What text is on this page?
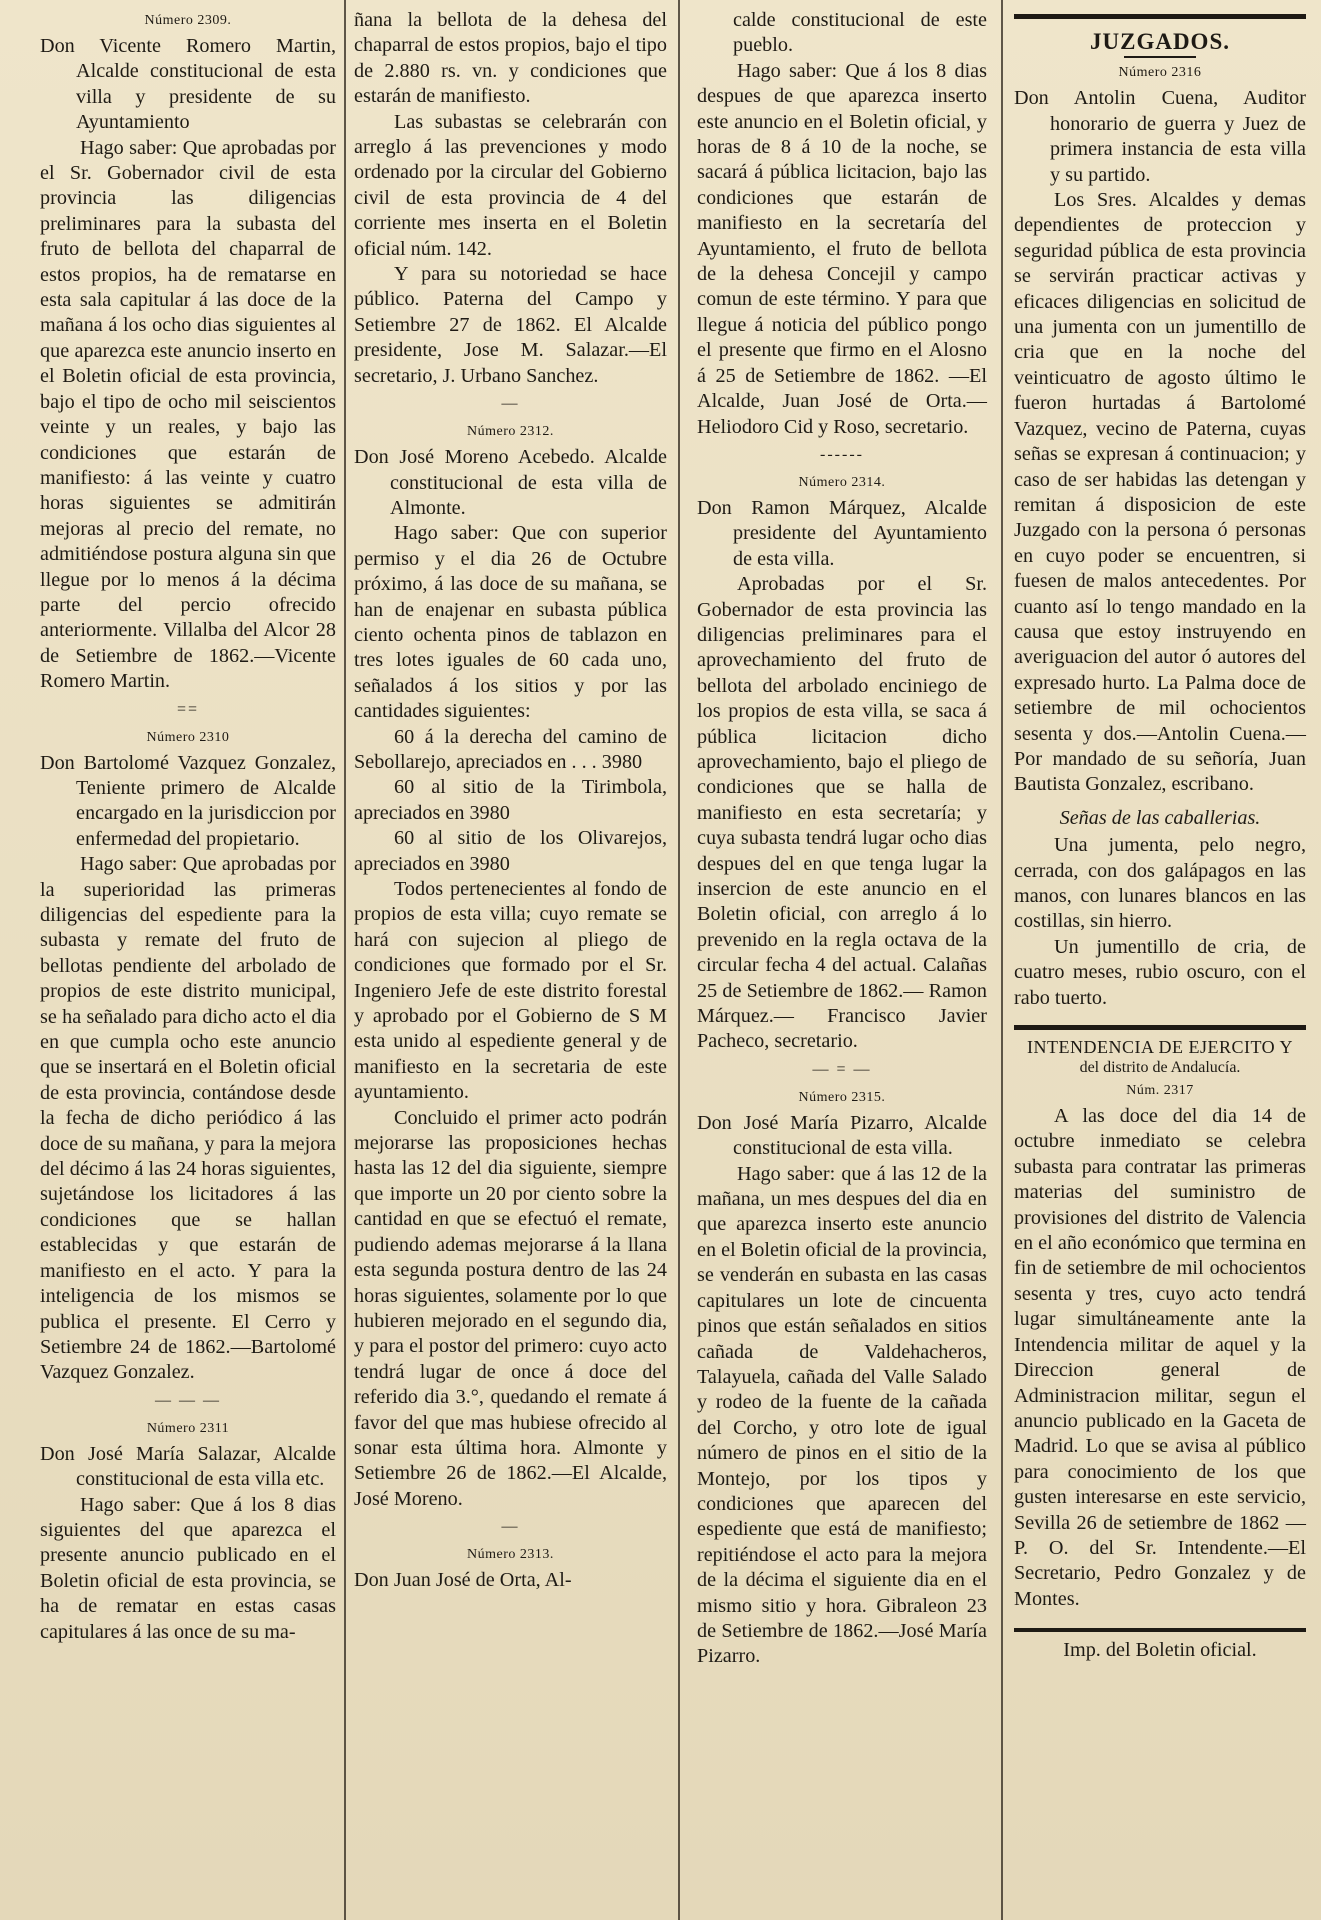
Número 2309.

Don Vicente Romero Martin, Alcalde constitucional de esta villa y presidente de su Ayuntamiento

Hago saber: Que aprobadas por el Sr. Gobernador civil de esta provincia las diligencias preliminares para la subasta del fruto de bellota del chaparral de estos propios, ha de rematarse en esta sala capitular á las doce de la mañana á los ocho dias siguientes al que aparezca este anuncio inserto en el Boletin oficial de esta provincia, bajo el tipo de ocho mil seiscientos veinte y un reales, y bajo las condiciones que estarán de manifiesto: á las veinte y cuatro horas siguientes se admitirán mejoras al precio del remate, no admitiéndose postura alguna sin que llegue por lo menos á la décima parte del percio ofrecido anteriormente. Villalba del Alcor 28 de Setiembre de 1862.—Vicente Romero Martin.

==

Número 2310

Don Bartolomé Vazquez Gonzalez, Teniente primero de Alcalde encargado en la jurisdiccion por enfermedad del propietario.

Hago saber: Que aprobadas por la superioridad las primeras diligencias del espediente para la subasta y remate del fruto de bellotas pendiente del arbolado de propios de este distrito municipal, se ha señalado para dicho acto el dia en que cumpla ocho este anuncio que se insertará en el Boletin oficial de esta provincia, contándose desde la fecha de dicho periódico á las doce de su mañana, y para la mejora del décimo á las 24 horas siguientes, sujetándose los licitadores á las condiciones que se hallan establecidas y que estarán de manifiesto en el acto. Y para la inteligencia de los mismos se publica el presente. El Cerro y Setiembre 24 de 1862.—Bartolomé Vazquez Gonzalez.

— — —

Número 2311

Don José María Salazar, Alcalde constitucional de esta villa etc.

Hago saber: Que á los 8 dias siguientes del que aparezca el presente anuncio publicado en el Boletin oficial de esta provincia, se ha de rematar en estas casas capitulares á las once de su ma-

ñana la bellota de la dehesa del chaparral de estos propios, bajo el tipo de 2.880 rs. vn. y condiciones que estarán de manifiesto.

Las subastas se celebrarán con arreglo á las prevenciones y modo ordenado por la circular del Gobierno civil de esta provincia de 4 del corriente mes inserta en el Boletin oficial núm. 142.

Y para su notoriedad se hace público. Paterna del Campo y Setiembre 27 de 1862. El Alcalde presidente, Jose M. Salazar.—El secretario, J. Urbano Sanchez.

—

Número 2312.

Don José Moreno Acebedo. Alcalde constitucional de esta villa de Almonte.

Hago saber: Que con superior permiso y el dia 26 de Octubre próximo, á las doce de su mañana, se han de enajenar en subasta pública ciento ochenta pinos de tablazon en tres lotes iguales de 60 cada uno, señalados á los sitios y por las cantidades siguientes:

60 á la derecha del camino de Sebollarejo, apreciados en . . . 3980

60 al sitio de la Tirimbola, apreciados en 3980

60 al sitio de los Olivarejos, apreciados en 3980

Todos pertenecientes al fondo de propios de esta villa; cuyo remate se hará con sujecion al pliego de condiciones que formado por el Sr. Ingeniero Jefe de este distrito forestal y aprobado por el Gobierno de S M esta unido al espediente general y de manifiesto en la secretaria de este ayuntamiento.

Concluido el primer acto podrán mejorarse las proposiciones hechas hasta las 12 del dia siguiente, siempre que importe un 20 por ciento sobre la cantidad en que se efectuó el remate, pudiendo ademas mejorarse á la llana esta segunda postura dentro de las 24 horas siguientes, solamente por lo que hubieren mejorado en el segundo dia, y para el postor del primero: cuyo acto tendrá lugar de once á doce del referido dia 3.°, quedando el remate á favor del que mas hubiese ofrecido al sonar esta última hora. Almonte y Setiembre 26 de 1862.—El Alcalde, José Moreno.

—

Número 2313.

Don Juan José de Orta, Al-

calde constitucional de este pueblo.

Hago saber: Que á los 8 dias despues de que aparezca inserto este anuncio en el Boletin oficial, y horas de 8 á 10 de la noche, se sacará á pública licitacion, bajo las condiciones que estarán de manifiesto en la secretaría del Ayuntamiento, el fruto de bellota de la dehesa Concejil y campo comun de este término. Y para que llegue á noticia del público pongo el presente que firmo en el Alosno á 25 de Setiembre de 1862. —El Alcalde, Juan José de Orta.—Heliodoro Cid y Roso, secretario.

------

Número 2314.

Don Ramon Márquez, Alcalde presidente del Ayuntamiento de esta villa.

Aprobadas por el Sr. Gobernador de esta provincia las diligencias preliminares para el aprovechamiento del fruto de bellota del arbolado enciniego de los propios de esta villa, se saca á pública licitacion dicho aprovechamiento, bajo el pliego de condiciones que se halla de manifiesto en esta secretaría; y cuya subasta tendrá lugar ocho dias despues del en que tenga lugar la insercion de este anuncio en el Boletin oficial, con arreglo á lo prevenido en la regla octava de la circular fecha 4 del actual. Calañas 25 de Setiembre de 1862.— Ramon Márquez.— Francisco Javier Pacheco, secretario.

— = —

Número 2315.

Don José María Pizarro, Alcalde constitucional de esta villa.

Hago saber: que á las 12 de la mañana, un mes despues del dia en que aparezca inserto este anuncio en el Boletin oficial de la provincia, se venderán en subasta en las casas capitulares un lote de cincuenta pinos que están señalados en sitios cañada de Valdehacheros, Talayuela, cañada del Valle Salado y rodeo de la fuente de la cañada del Corcho, y otro lote de igual número de pinos en el sitio de la Montejo, por los tipos y condiciones que aparecen del espediente que está de manifiesto; repitiéndose el acto para la mejora de la décima el siguiente dia en el mismo sitio y hora. Gibraleon 23 de Setiembre de 1862.—José María Pizarro.

JUZGADOS.

Número 2316

Don Antolin Cuena, Auditor honorario de guerra y Juez de primera instancia de esta villa y su partido.

Los Sres. Alcaldes y demas dependientes de proteccion y seguridad pública de esta provincia se servirán practicar activas y eficaces diligencias en solicitud de una jumenta con un jumentillo de cria que en la noche del veinticuatro de agosto último le fueron hurtadas á Bartolomé Vazquez, vecino de Paterna, cuyas señas se expresan á continuacion; y caso de ser habidas las detengan y remitan á disposicion de este Juzgado con la persona ó personas en cuyo poder se encuentren, si fuesen de malos antecedentes. Por cuanto así lo tengo mandado en la causa que estoy instruyendo en averiguacion del autor ó autores del expresado hurto. La Palma doce de setiembre de mil ochocientos sesenta y dos.—Antolin Cuena.—Por mandado de su señoría, Juan Bautista Gonzalez, escribano.

Señas de las caballerias.

Una jumenta, pelo negro, cerrada, con dos galápagos en las manos, con lunares blancos en las costillas, sin hierro.

Un jumentillo de cria, de cuatro meses, rubio oscuro, con el rabo tuerto.

INTENDENCIA DE EJERCITO Y

del distrito de Andalucía.

Núm. 2317

A las doce del dia 14 de octubre inmediato se celebra subasta para contratar las primeras materias del suministro de provisiones del distrito de Valencia en el año económico que termina en fin de setiembre de mil ochocientos sesenta y tres, cuyo acto tendrá lugar simultáneamente ante la Intendencia militar de aquel y la Direccion general de Administracion militar, segun el anuncio publicado en la Gaceta de Madrid. Lo que se avisa al público para conocimiento de los que gusten interesarse en este servicio, Sevilla 26 de setiembre de 1862 —P. O. del Sr. Intendente.—El Secretario, Pedro Gonzalez y de Montes.

Imp. del Boletin oficial.
